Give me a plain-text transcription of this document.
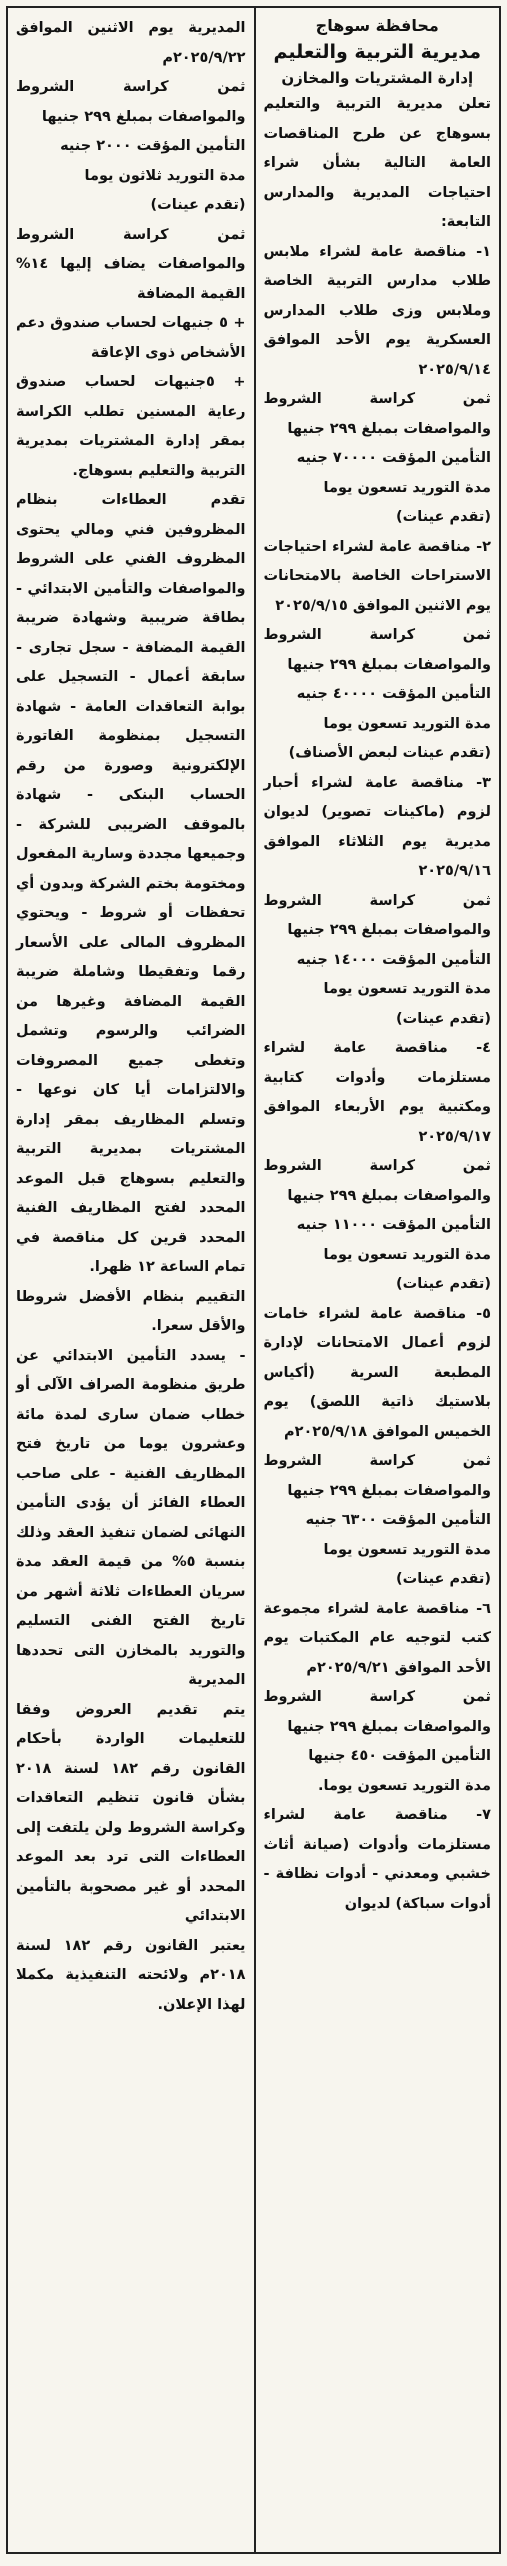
محافظة سوهاج
مديرية التربية والتعليم
إدارة المشتريات والمخازن

تعلن مديرية التربية والتعليم بسوهاج عن طرح المناقصات العامة التالية بشأن شراء احتياجات المديرية والمدارس التابعة:

١- مناقصة عامة لشراء ملابس طلاب مدارس التربية الخاصة وملابس وزى طلاب المدارس العسكرية يوم الأحد الموافق ٢٠٢٥/٩/١٤

ثمن كراسة الشروط والمواصفات بمبلغ ٢٩٩ جنيها

التأمين المؤقت ٧٠٠٠٠ جنيه

مدة التوريد تسعون يوما

(تقدم عينات)

٢- مناقصة عامة لشراء احتياجات الاستراحات الخاصة بالامتحانات يوم الاثنين الموافق ٢٠٢٥/٩/١٥

ثمن كراسة الشروط والمواصفات بمبلغ ٢٩٩ جنيها

التأمين المؤقت ٤٠٠٠٠ جنيه

مدة التوريد تسعون يوما

(تقدم عينات لبعض الأصناف)

٣- مناقصة عامة لشراء أحبار لزوم (ماكينات تصوير) لديوان مديرية يوم الثلاثاء الموافق ٢٠٢٥/٩/١٦

ثمن كراسة الشروط والمواصفات بمبلغ ٢٩٩ جنيها

التأمين المؤقت ١٤٠٠٠ جنيه

مدة التوريد تسعون يوما

(تقدم عينات)

٤- مناقصة عامة لشراء مستلزمات وأدوات كتابية ومكتبية يوم الأربعاء الموافق ٢٠٢٥/٩/١٧

ثمن كراسة الشروط والمواصفات بمبلغ ٢٩٩ جنيها

التأمين المؤقت ١١٠٠٠ جنيه

مدة التوريد تسعون يوما

(تقدم عينات)

٥- مناقصة عامة لشراء خامات لزوم أعمال الامتحانات لإدارة المطبعة السرية (أكياس بلاستيك ذاتية اللصق) يوم الخميس الموافق ٢٠٢٥/٩/١٨م

ثمن كراسة الشروط والمواصفات بمبلغ ٢٩٩ جنيها

التأمين المؤقت ٦٣٠٠ جنيه

مدة التوريد تسعون يوما

(تقدم عينات)

٦- مناقصة عامة لشراء مجموعة كتب لتوجيه عام المكتبات يوم الأحد الموافق ٢٠٢٥/٩/٢١م

ثمن كراسة الشروط والمواصفات بمبلغ ٢٩٩ جنيها

التأمين المؤقت ٤٥٠ جنيها

مدة التوريد تسعون يوما.

٧- مناقصة عامة لشراء مستلزمات وأدوات (صيانة أثاث خشبي ومعدني - أدوات نظافة - أدوات سباكة) لديوان

المديرية يوم الاثنين الموافق ٢٠٢٥/٩/٢٢م

ثمن كراسة الشروط والمواصفات بمبلغ ٢٩٩ جنيها

التأمين المؤقت ٢٠٠٠ جنيه

مدة التوريد ثلاثون يوما

(تقدم عينات)

ثمن كراسة الشروط والمواصفات يضاف إليها ١٤% القيمة المضافة

+ ٥ جنيهات لحساب صندوق دعم الأشخاص ذوى الإعاقة

+ ٥جنيهات لحساب صندوق رعاية المسنين تطلب الكراسة بمقر إدارة المشتريات بمديرية التربية والتعليم بسوهاج.

تقدم العطاءات بنظام المظروفين فني ومالي يحتوى المظروف الفني على الشروط والمواصفات والتأمين الابتدائي - بطاقة ضريبية وشهادة ضريبة القيمة المضافة - سجل تجارى - سابقة أعمال - التسجيل على بوابة التعاقدات العامة - شهادة التسجيل بمنظومة الفاتورة الإلكترونية وصورة من رقم الحساب البنكى - شهادة بالموقف الضريبى للشركة - وجميعها مجددة وسارية المفعول ومختومة بختم الشركة وبدون أي تحفظات أو شروط - ويحتوي المظروف المالى على الأسعار رقما وتفقيطا وشاملة ضريبة القيمة المضافة وغيرها من الضرائب والرسوم وتشمل وتغطى جميع المصروفات والالتزامات أيا كان نوعها - وتسلم المظاريف بمقر إدارة المشتريات بمديرية التربية والتعليم بسوهاج قبل الموعد المحدد لفتح المظاريف الفنية المحدد قرين كل مناقصة في تمام الساعة ١٢ ظهرا.

التقييم بنظام الأفضل شروطا والأقل سعرا.

- يسدد التأمين الابتدائي عن طريق منظومة الصراف الآلى أو خطاب ضمان سارى لمدة مائة وعشرون يوما من تاريخ فتح المظاريف الفنية - على صاحب العطاء الفائز أن يؤدى التأمين النهائى لضمان تنفيذ العقد وذلك بنسبة ٥% من قيمة العقد مدة سريان العطاءات ثلاثة أشهر من تاريخ الفتح الفنى التسليم والتوريد بالمخازن التى تحددها المديرية

يتم تقديم العروض وفقا للتعليمات الواردة بأحكام القانون رقم ١٨٢ لسنة ٢٠١٨ بشأن قانون تنظيم التعاقدات وكراسة الشروط ولن يلتفت إلى العطاءات التى ترد بعد الموعد المحدد أو غير مصحوبة بالتأمين الابتدائي

يعتبر القانون رقم ١٨٢ لسنة ٢٠١٨م ولائحته التنفيذية مكملا لهذا الإعلان.
